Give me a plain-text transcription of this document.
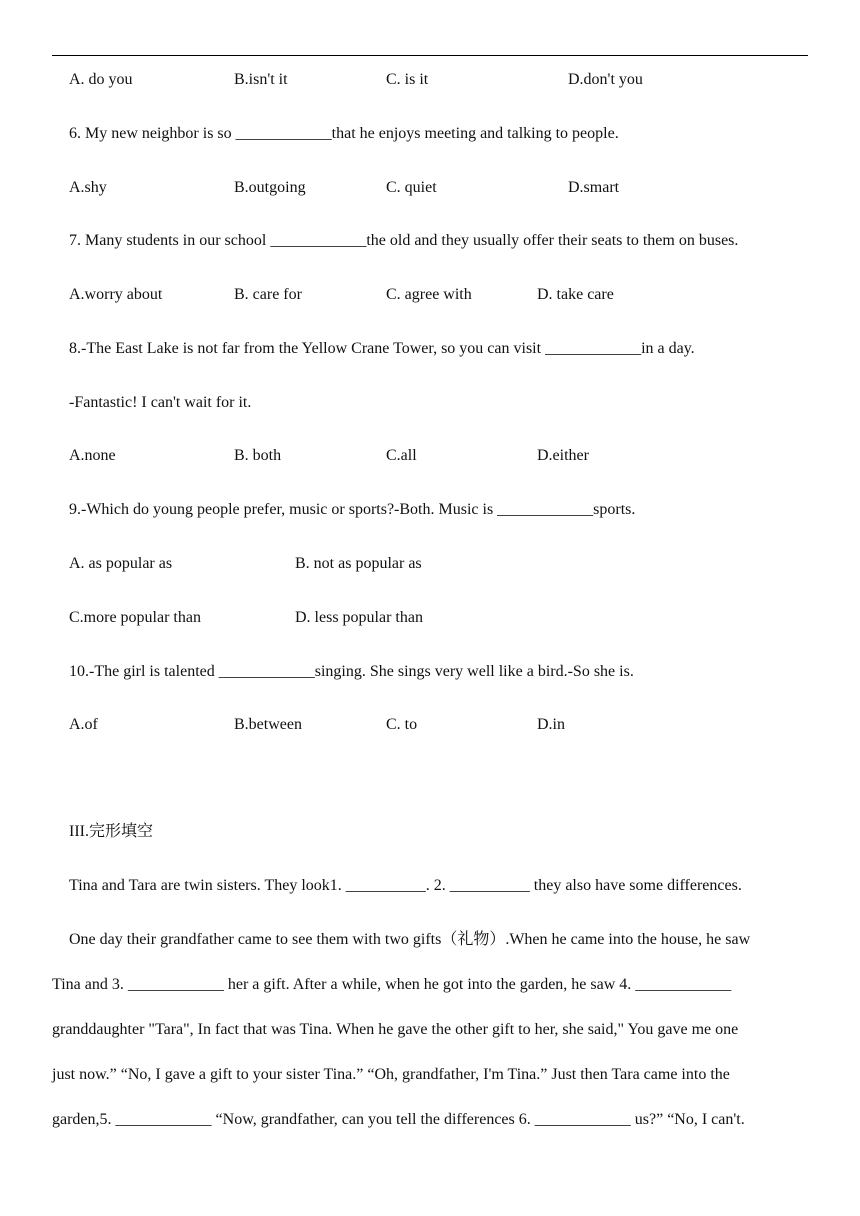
A. do you	B.isn't it	C. is it	D.don't you
6. My new neighbor is so ____________that he enjoys meeting and talking to people.
A.shy	B.outgoing	C. quiet	D.smart
7. Many students in our school ____________the old and they usually offer their seats to them on buses.
A.worry about	B. care for	C. agree with	D. take care
8.-The East Lake is not far from the Yellow Crane Tower, so you can visit ____________in a day.
-Fantastic! I can't wait for it.
A.none	B. both	C.all	D.either
9.-Which do young people prefer, music or sports?-Both. Music is ____________sports.
A. as popular as	B. not as popular as
C.more popular than	D. less popular than
10.-The girl is talented ____________singing. She sings very well like a bird.-So she is.
A.of	B.between	C. to	D.in
III.完形填空
Tina and Tara are twin sisters. They look1. __________. 2. __________ they also have some differences.
One day their grandfather came to see them with two gifts（礼物）.When he came into the house, he saw
Tina and 3. ____________ her a gift. After a while, when he got into the garden, he saw 4. ____________
granddaughter "Tara", In fact that was Tina. When he gave the other gift to her, she said," You gave me one
just now.” “No, I gave a gift to your sister Tina.” “Oh, grandfather, I'm Tina.” Just then Tara came into the
garden,5. ____________ “Now, grandfather, can you tell the differences 6. ____________ us?” “No, I can't.
